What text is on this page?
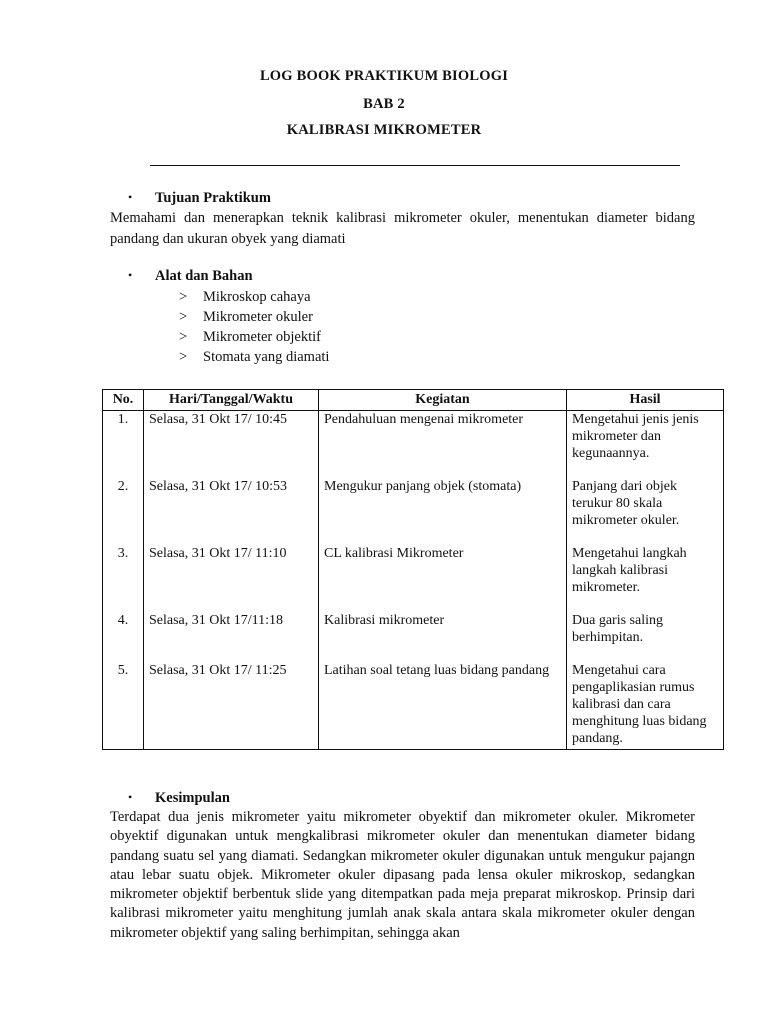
LOG BOOK PRAKTIKUM BIOLOGI
BAB 2
KALIBRASI MIKROMETER
• Tujuan Praktikum
Memahami dan menerapkan teknik kalibrasi mikrometer okuler, menentukan diameter bidang pandang dan ukuran obyek yang diamati
• Alat dan Bahan
> Mikroskop cahaya
> Mikrometer okuler
> Mikrometer objektif
> Stomata yang diamati
No.	Hari/Tanggal/Waktu	Kegiatan	Hasil
1.	Selasa, 31 Okt 17/ 10:45	Pendahuluan mengenai mikrometer	Mengetahui jenis jenis mikrometer dan kegunaannya.
2.	Selasa, 31 Okt 17/ 10:53	Mengukur panjang objek (stomata)	Panjang dari objek terukur 80 skala mikrometer okuler.
3.	Selasa, 31 Okt 17/ 11:10	CL kalibrasi Mikrometer	Mengetahui langkah langkah kalibrasi mikrometer.
4.	Selasa, 31 Okt 17/11:18	Kalibrasi mikrometer	Dua garis saling berhimpitan.
5.	Selasa, 31 Okt 17/ 11:25	Latihan soal tetang luas bidang pandang	Mengetahui cara pengaplikasian rumus kalibrasi dan cara menghitung luas bidang pandang.
• Kesimpulan
Terdapat dua jenis mikrometer yaitu mikrometer obyektif dan mikrometer okuler. Mikrometer obyektif digunakan untuk mengkalibrasi mikrometer okuler dan menentukan diameter bidang pandang suatu sel yang diamati. Sedangkan mikrometer okuler digunakan untuk mengukur pajangn atau lebar suatu objek. Mikrometer okuler dipasang pada lensa okuler mikroskop, sedangkan mikrometer objektif berbentuk slide yang ditempatkan pada meja preparat mikroskop. Prinsip dari kalibrasi mikrometer yaitu menghitung jumlah anak skala antara skala mikrometer okuler dengan mikrometer objektif yang saling berhimpitan, sehingga akan
